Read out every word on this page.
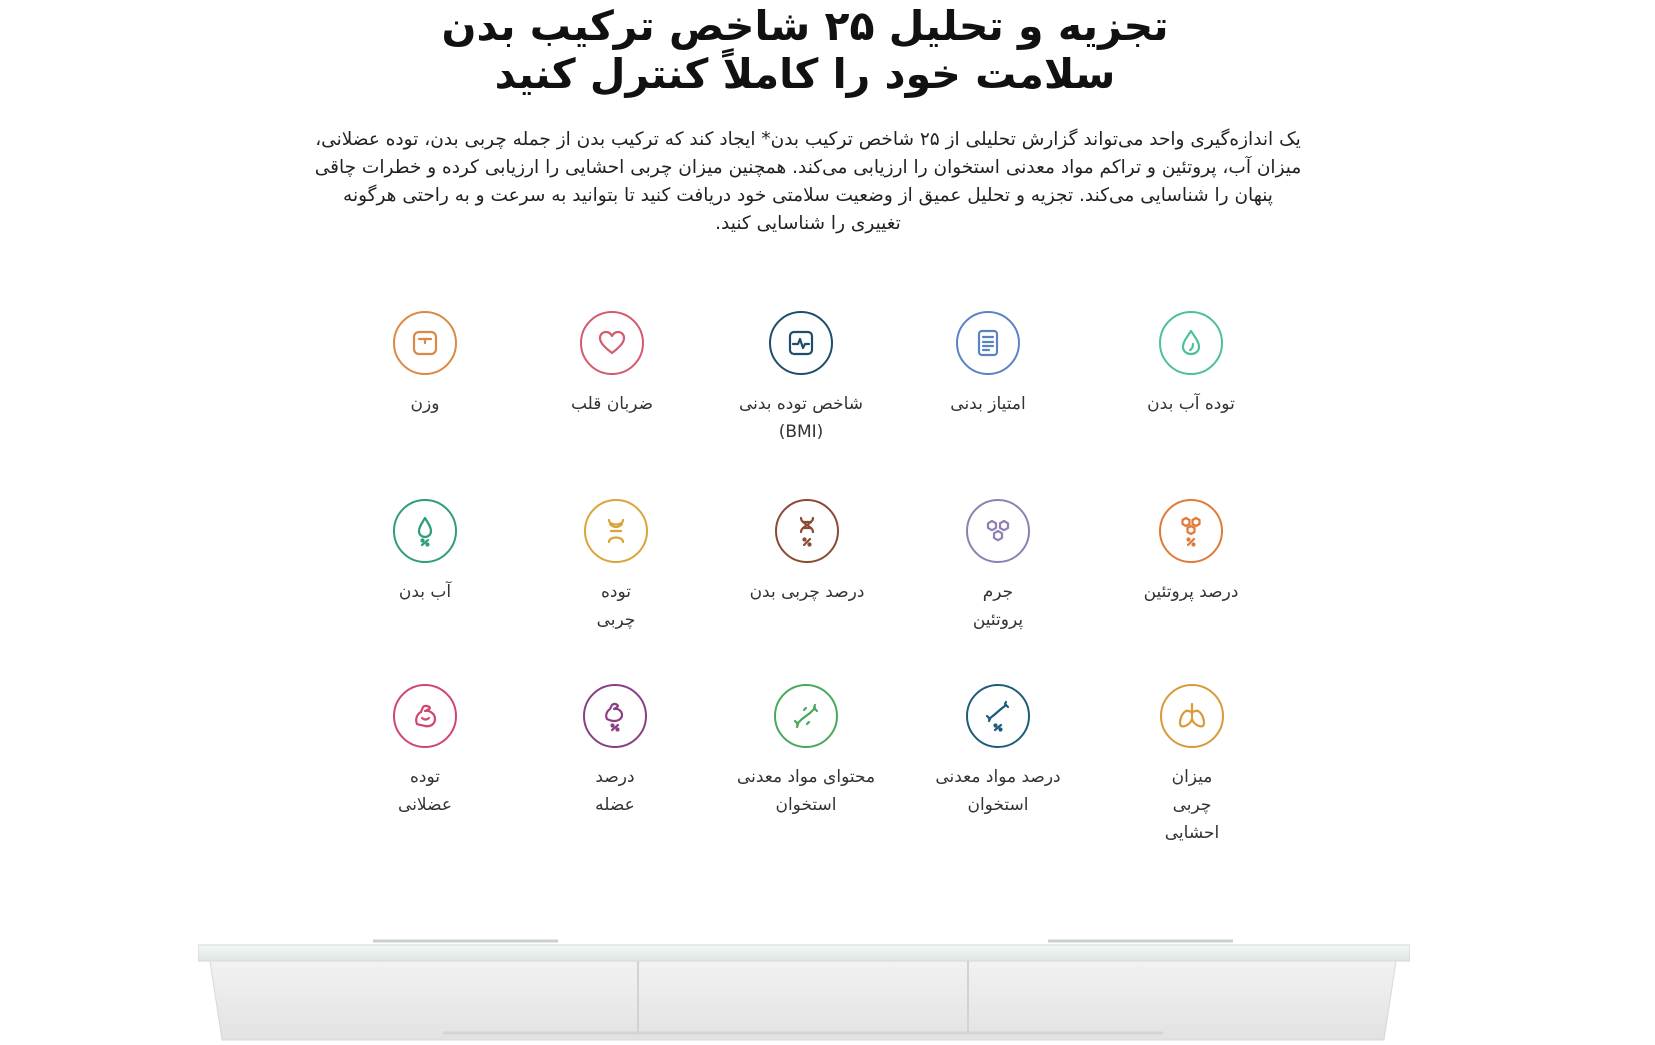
تجزیه و تحلیل ۲۵ شاخص ترکیب بدن
سلامت خود را کاملاً کنترل کنید
یک اندازه‌گیری واحد می‌تواند گزارش تحلیلی از ۲۵ شاخص ترکیب بدن* ایجاد کند که ترکیب بدن از جمله چربی بدن، توده عضلانی،
میزان آب، پروتئین و تراکم مواد معدنی استخوان را ارزیابی می‌کند. همچنین میزان چربی احشایی را ارزیابی کرده و خطرات چاقی
پنهان را شناسایی می‌کند. تجزیه و تحلیل عمیق از وضعیت سلامتی خود دریافت کنید تا بتوانید به سرعت و به راحتی هرگونه
تغییری را شناسایی کنید.
وزن	ضربان قلب	شاخص توده بدنی
(BMI)
امتیاز بدنی	توده آب بدن
آب بدن	توده
چربی
درصد چربی بدن	جرم
پروتئین
درصد پروتئین
توده
عضلانی
درصد
عضله
محتوای مواد معدنی
استخوان
درصد مواد معدنی
استخوان
میزان
چربی
احشایی
